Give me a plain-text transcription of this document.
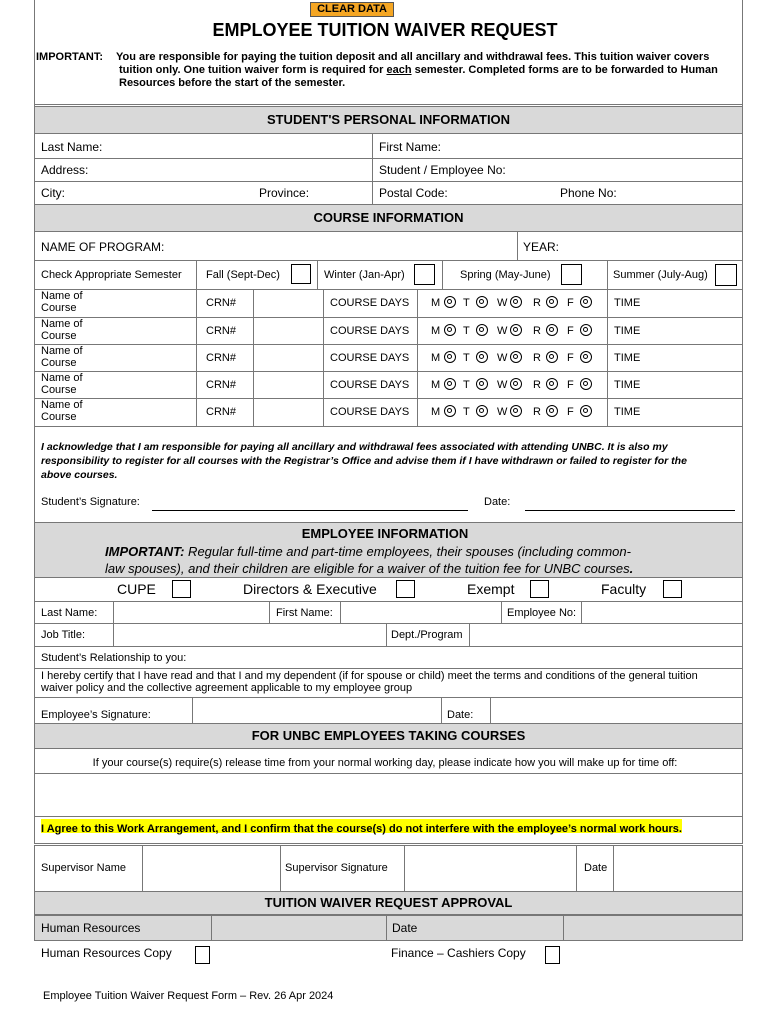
CLEAR DATA
EMPLOYEE TUITION WAIVER REQUEST
IMPORTANT: You are responsible for paying the tuition deposit and all ancillary and withdrawal fees. This tuition waiver covers
tuition only. One tuition waiver form is required for each semester. Completed forms are to be forwarded to Human
Resources before the start of the semester.
STUDENT'S PERSONAL INFORMATION
Last Name:	First Name:
Address:	Student / Employee No:
City:	Province:	Postal Code:	Phone No:
COURSE INFORMATION
NAME OF PROGRAM:	YEAR:
Check Appropriate Semester Fall (Sept-Dec)	Winter (Jan-Apr)	Spring (May-June)	Summer (July-Aug)
Name of
Course	CRN#	COURSE DAYS M T W R F	TIME
Name of
Course	CRN#	COURSE DAYS M T W R F	TIME
Name of
Course	CRN#	COURSE DAYS M T W R F	TIME
Name of
Course	CRN#	COURSE DAYS M T W R F	TIME
Name of
Course	CRN#	COURSE DAYS M T W R F	TIME
I acknowledge that I am responsible for paying all ancillary and withdrawal fees associated with attending UNBC. It is also my
responsibility to register for all courses with the Registrar’s Office and advise them if I have withdrawn or failed to register for the
above courses.
Student’s Signature:	Date:
EMPLOYEE INFORMATION
IMPORTANT: Regular full-time and part-time employees, their spouses (including common-
law spouses), and their children are eligible for a waiver of the tuition fee for UNBC courses.
CUPE	Directors & Executive	Exempt	Faculty
Last Name:	First Name:	Employee No:
Job Title:	Dept./Program
Student’s Relationship to you:
I hereby certify that I have read and that I and my dependent (if for spouse or child) meet the terms and conditions of the general tuition
waiver policy and the collective agreement applicable to my employee group
Employee’s Signature:	Date:
FOR UNBC EMPLOYEES TAKING COURSES
If your course(s) require(s) release time from your normal working day, please indicate how you will make up for time off:
I Agree to this Work Arrangement, and I confirm that the course(s) do not interfere with the employee’s normal work hours.
Supervisor Name	Supervisor Signature	Date
TUITION WAIVER REQUEST APPROVAL
Human Resources	Date
Human Resources Copy	Finance – Cashiers Copy
Employee Tuition Waiver Request Form – Rev. 26 Apr 2024
